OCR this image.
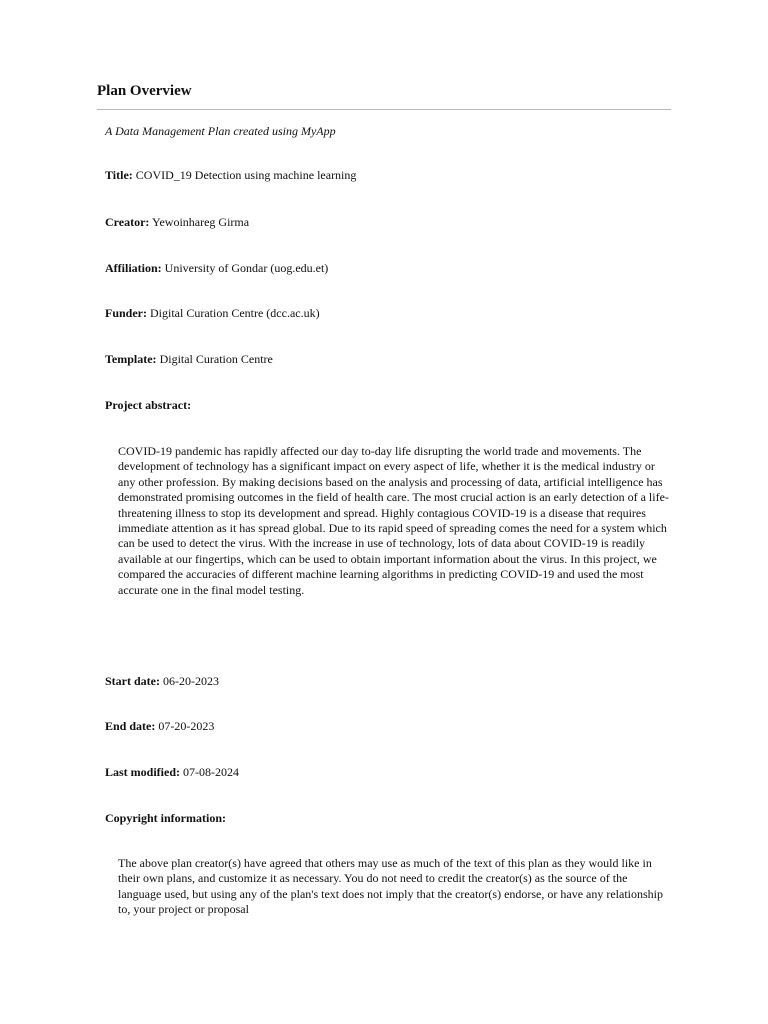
Plan Overview

A Data Management Plan created using MyApp

Title: COVID_19 Detection using machine learning

Creator: Yewoinhareg Girma

Affiliation: University of Gondar (uog.edu.et)

Funder: Digital Curation Centre (dcc.ac.uk)

Template: Digital Curation Centre

Project abstract:

COVID-19 pandemic has rapidly affected our day to-day life disrupting the world trade and movements. The development of technology has a significant impact on every aspect of life, whether it is the medical industry or any other profession. By making decisions based on the analysis and processing of data, artificial intelligence has demonstrated promising outcomes in the field of health care. The most crucial action is an early detection of a life-threatening illness to stop its development and spread. Highly contagious COVID-19 is a disease that requires immediate attention as it has spread global. Due to its rapid speed of spreading comes the need for a system which can be used to detect the virus. With the increase in use of technology, lots of data about COVID-19 is readily available at our fingertips, which can be used to obtain important information about the virus. In this project, we compared the accuracies of different machine learning algorithms in predicting COVID-19 and used the most accurate one in the final model testing.

Start date: 06-20-2023

End date: 07-20-2023

Last modified: 07-08-2024

Copyright information:

The above plan creator(s) have agreed that others may use as much of the text of this plan as they would like in their own plans, and customize it as necessary. You do not need to credit the creator(s) as the source of the language used, but using any of the plan's text does not imply that the creator(s) endorse, or have any relationship to, your project or proposal
